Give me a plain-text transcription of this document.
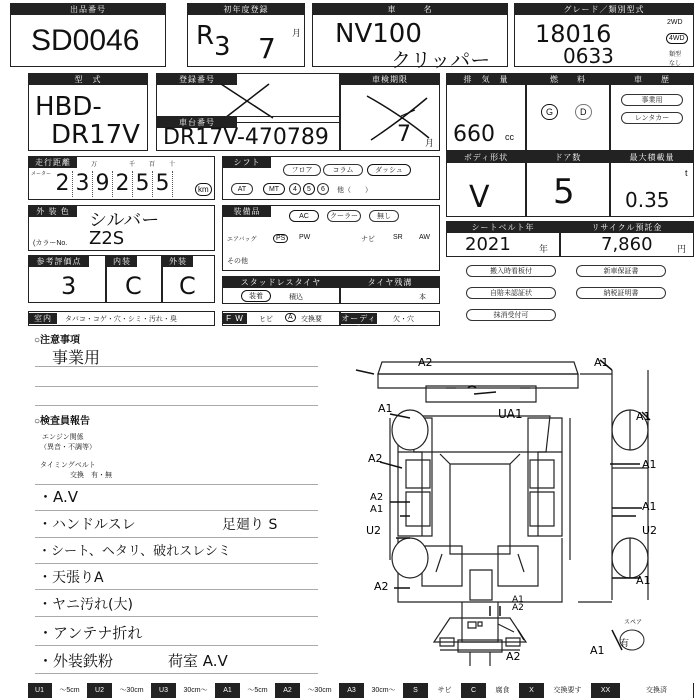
出品番号
SD0046
初年度登録
R 3 7 月
車　　　名
NV100
クリッパー
グレード／類別型式
18016
0633
2WD
4WD
類型
なし
型　式
HBD-
DR17V
登録番号	車検期限
7 月
車台番号
DR17V-470789
排　気　量
660 cc
燃　　料
G	D
車　　歴
事業用
レンタカー
走行距離
メーター
万	千 百 十
2 3 9 2 5 5	km
シフト
フロア	コラム	ダッシュ
AT	MT	4	5	6	他（　　）
ボディ形状
V
ドア数
5
最大積載量
t
0.35
外 装 色	シルバー
(カラーNo. Z2S
装備品
AC	クーラー	無し
エアバッグ	PS	PW	ナビ	SR AW
その他
シートベルト年
2021	年
リサイクル預託金
7,860	円
参考評価点
3
内装
C
外装
C	スタッドレスタイヤ
装着	積込
タイヤ残溝
本
搬入時看板付	新車保証書
自賠未認証状	納税証明書
抹消受付可
室内	タバコ・コゲ・穴・シミ・汚れ・臭	F W	ヒビ	A	交換要 オーディオ
欠・穴
○注意事項
事業用
○検査員報告
エンジン関係
（異音・不調等）
タイミングベルト
交換　有・無
・A.V
・ハンドルスレ	足廻り S
・シート、ヘタリ、破れスレシミ
・天張りA
・ヤニ汚れ(大)
・アンテナ折れ
・外装鉄粉	荷室 A.V
A2	A1
A1	UA1	A1
A2	A1
A2
A1
U2
A1
U2
A1
A2
A1
A2
A2	A1
スペア
有
U1	～5cm	U2	～30cm	U3	30cm～	A1	～5cm	A2	～30cm	A3	30cm～	S	サビ	C	腐食	X	交換要す	XX	交換済
